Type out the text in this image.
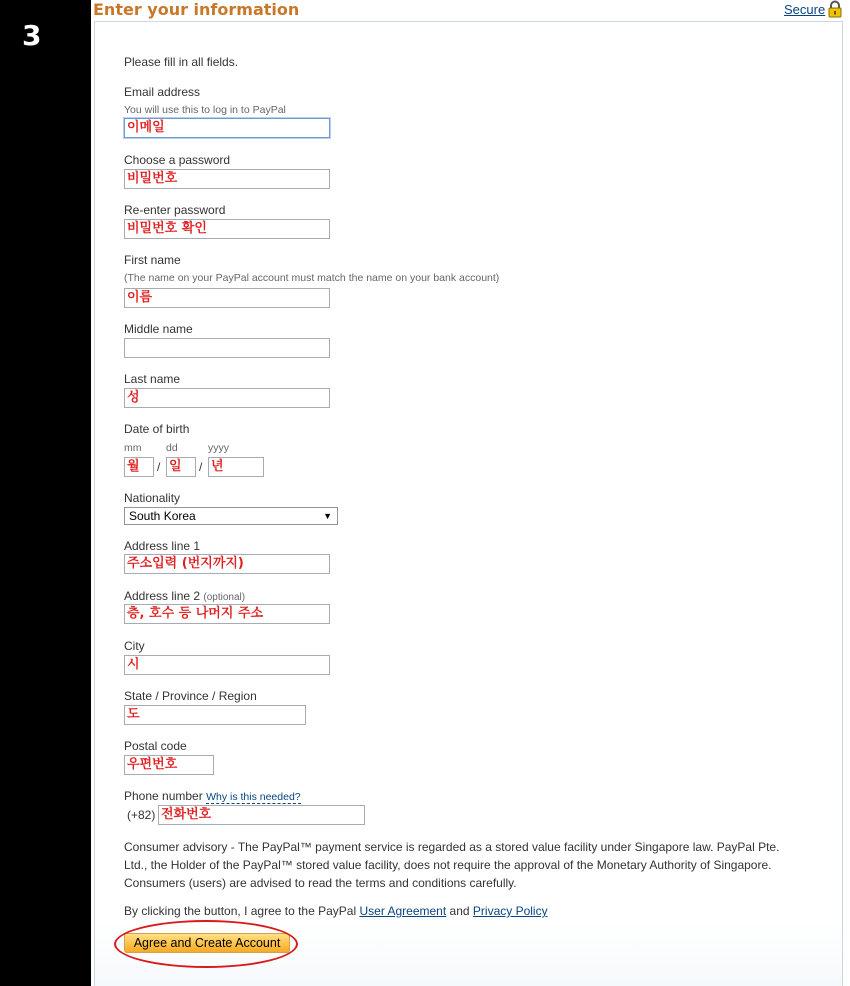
3
Enter your information	Secure
Please fill in all fields.
Email address
You will use this to log in to PayPal
이메일
Choose a password
비밀번호
Re-enter password
비밀번호 확인
First name
(The name on your PayPal account must match the name on your bank account)
이름
Middle name
Last name
성
Date of birth
mm dd	yyyy
월	/ 일	/ 년
Nationality
South Korea	▼
Address line 1
주소입력 (번지까지)
Address line 2 (optional)
층, 호수 등 나머지 주소
City
시
State / Province / Region
도
Postal code
우편번호
Phone number Why is this needed?
(+82) 전화번호
Consumer advisory - The PayPal™ payment service is regarded as a stored value facility under Singapore law. PayPal Pte. Ltd., the Holder of the PayPal™ stored value facility, does not require the approval of the Monetary Authority of Singapore. Consumers (users) are advised to read the terms and conditions carefully.
By clicking the button, I agree to the PayPal User Agreement and Privacy Policy
Agree and Create Account
